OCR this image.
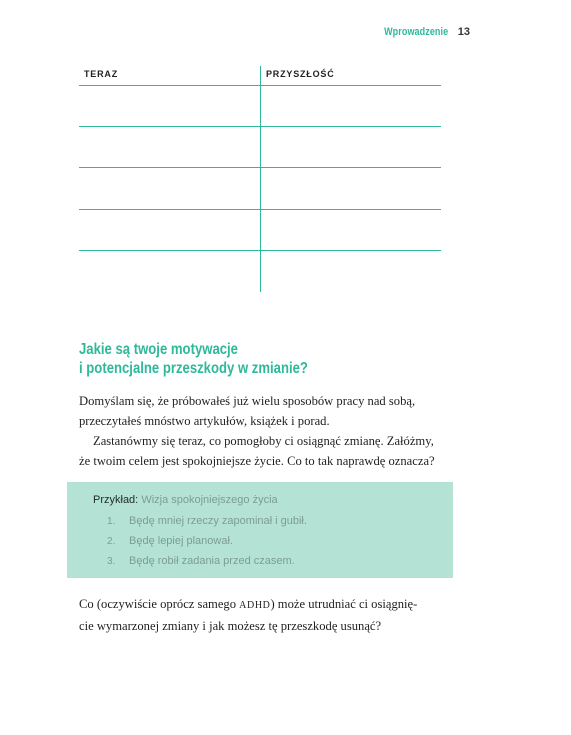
Wprowadzenie 13
TERAZ	PRZYSZŁOŚĆ
Jakie są twoje motywacje
i potencjalne przeszkody w zmianie?

Domyślam się, że próbowałeś już wielu sposobów pracy nad sobą,

przeczytałeś mnóstwo artykułów, książek i porad.

Zastanówmy się teraz, co pomogłoby ci osiągnąć zmianę. Załóżmy,

że twoim celem jest spokojniejsze życie. Co to tak naprawdę oznacza?

Przykład: Wizja spokojniejszego życia
1. Będę mniej rzeczy zapominał i gubił.
2. Będę lepiej planował.
3. Będę robił zadania przed czasem.

Co (oczywiście oprócz samego ADHD) może utrudniać ci osiągnię-

cie wymarzonej zmiany i jak możesz tę przeszkodę usunąć?
